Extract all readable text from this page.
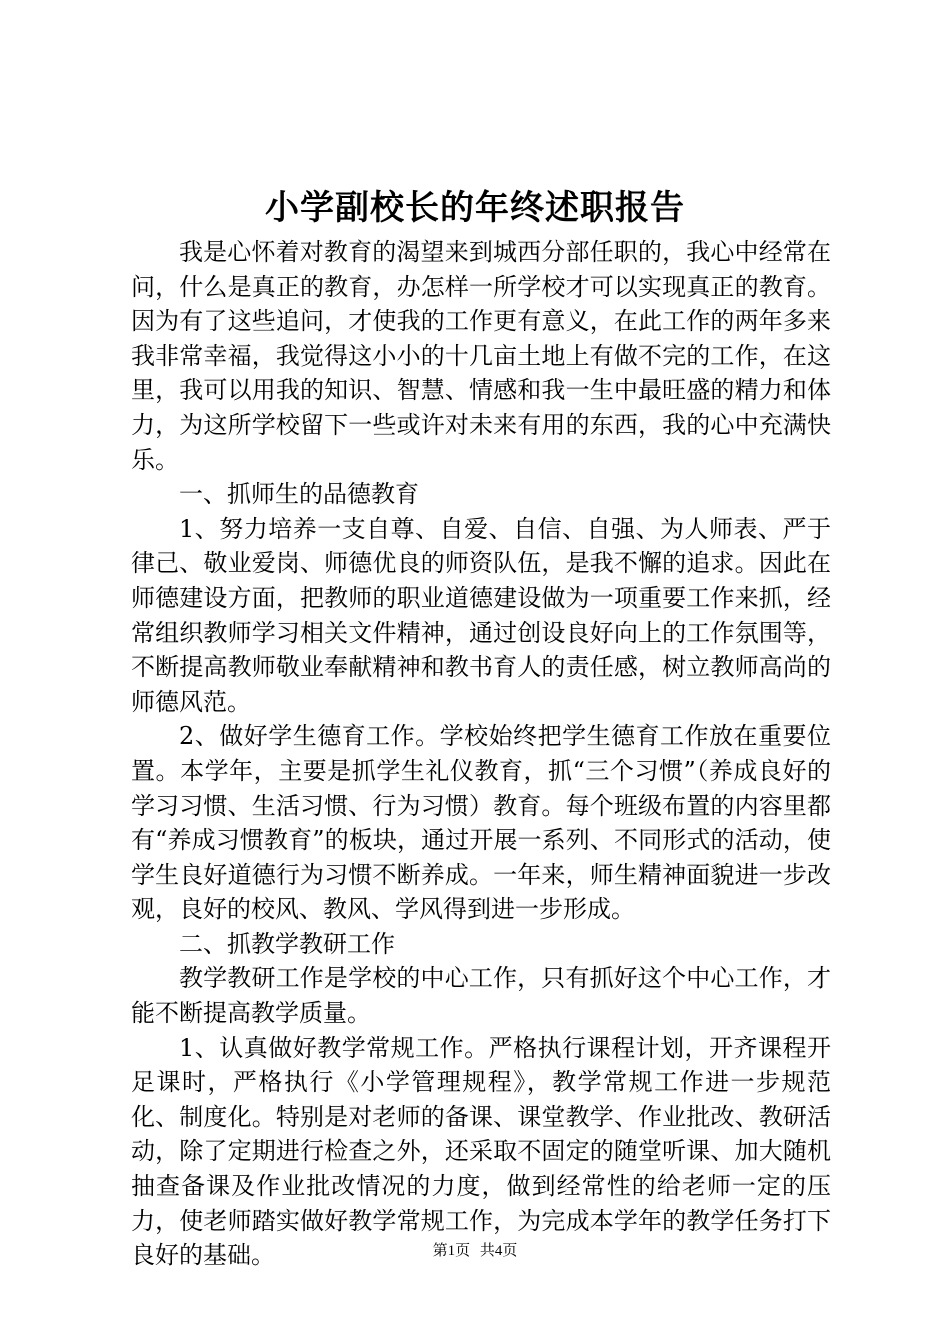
小学副校长的年终述职报告

我是心怀着对教育的渴望来到城西分部任职的，我心中经常在问，什么是真正的教育，办怎样一所学校才可以实现真正的教育。因为有了这些追问，才使我的工作更有意义，在此工作的两年多来我非常幸福，我觉得这小小的十几亩土地上有做不完的工作，在这里，我可以用我的知识、智慧、情感和我一生中最旺盛的精力和体力，为这所学校留下一些或许对未来有用的东西，我的心中充满快乐。

一、抓师生的品德教育

1、努力培养一支自尊、自爱、自信、自强、为人师表、严于律己、敬业爱岗、师德优良的师资队伍，是我不懈的追求。因此在师德建设方面，把教师的职业道德建设做为一项重要工作来抓，经常组织教师学习相关文件精神，通过创设良好向上的工作氛围等，不断提高教师敬业奉献精神和教书育人的责任感，树立教师高尚的师德风范。

2、做好学生德育工作。学校始终把学生德育工作放在重要位置。本学年，主要是抓学生礼仪教育，抓“三个习惯”（养成良好的学习习惯、生活习惯、行为习惯）教育。每个班级布置的内容里都有“养成习惯教育”的板块，通过开展一系列、不同形式的活动，使学生良好道德行为习惯不断养成。一年来，师生精神面貌进一步改观，良好的校风、教风、学风得到进一步形成。

二、抓教学教研工作

教学教研工作是学校的中心工作，只有抓好这个中心工作，才能不断提高教学质量。

1、认真做好教学常规工作。严格执行课程计划，开齐课程开足课时，严格执行《小学管理规程》，教学常规工作进一步规范化、制度化。特别是对老师的备课、课堂教学、作业批改、教研活动，除了定期进行检查之外，还采取不固定的随堂听课、加大随机抽查备课及作业批改情况的力度，做到经常性的给老师一定的压力，使老师踏实做好教学常规工作，为完成本学年的教学任务打下良好的基础。	第1页 共4页
